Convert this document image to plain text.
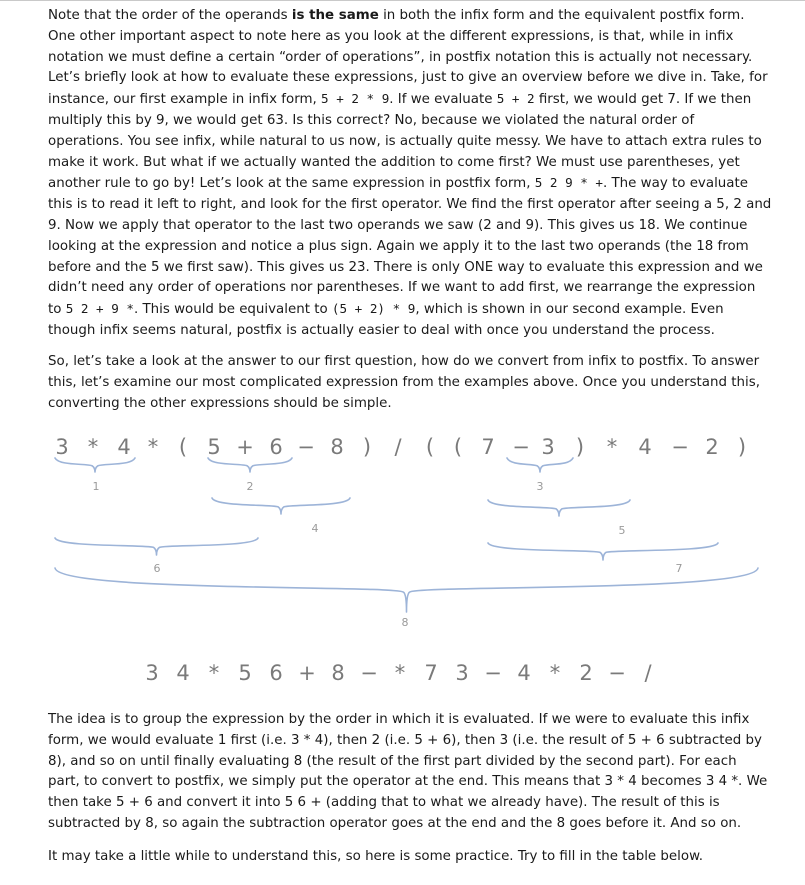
Note that the order of the operands is the same in both the infix form and the equivalent postfix form. One other important aspect to note here as you look at the different expressions, is that, while in infix notation we must define a certain “order of operations”, in postfix notation this is actually not necessary. Let’s briefly look at how to evaluate these expressions, just to give an overview before we dive in. Take, for instance, our first example in infix form, 5 + 2 * 9. If we evaluate 5 + 2 first, we would get 7. If we then multiply this by 9, we would get 63. Is this correct? No, because we violated the natural order of operations. You see infix, while natural to us now, is actually quite messy. We have to attach extra rules to make it work. But what if we actually wanted the addition to come first? We must use parentheses, yet another rule to go by! Let’s look at the same expression in postfix form, 5 2 9 * +. The way to evaluate this is to read it left to right, and look for the first operator. We find the first operator after seeing a 5, 2 and 9. Now we apply that operator to the last two operands we saw (2 and 9). This gives us 18. We continue looking at the expression and notice a plus sign. Again we apply it to the last two operands (the 18 from before and the 5 we first saw). This gives us 23. There is only ONE way to evaluate this expression and we didn’t need any order of operations nor parentheses. If we want to add first, we rearrange the expression to 5 2 + 9 *. This would be equivalent to (5 + 2) * 9, which is shown in our second example. Even though infix seems natural, postfix is actually easier to deal with once you understand the process.

So, let’s take a look at the answer to our first question, how do we convert from infix to postfix. To answer this, let’s examine our most complicated expression from the examples above. Once you understand this, converting the other expressions should be simple.

3 * 4 * ( 5 + 6 − 8 ) / ( ( 7 − 3 ) * 4 − 2 )
1	2	3
4	5
6	7
8
3 4 * 5 6 + 8 − * 7 3 − 4 * 2 − /

The idea is to group the expression by the order in which it is evaluated. If we were to evaluate this infix form, we would evaluate 1 first (i.e. 3 * 4), then 2 (i.e. 5 + 6), then 3 (i.e. the result of 5 + 6 subtracted by 8), and so on until finally evaluating 8 (the result of the first part divided by the second part). For each part, to convert to postfix, we simply put the operator at the end. This means that 3 * 4 becomes 3 4 *. We then take 5 + 6 and convert it into 5 6 + (adding that to what we already have). The result of this is subtracted by 8, so again the subtraction operator goes at the end and the 8 goes before it. And so on.

It may take a little while to understand this, so here is some practice. Try to fill in the table below.
